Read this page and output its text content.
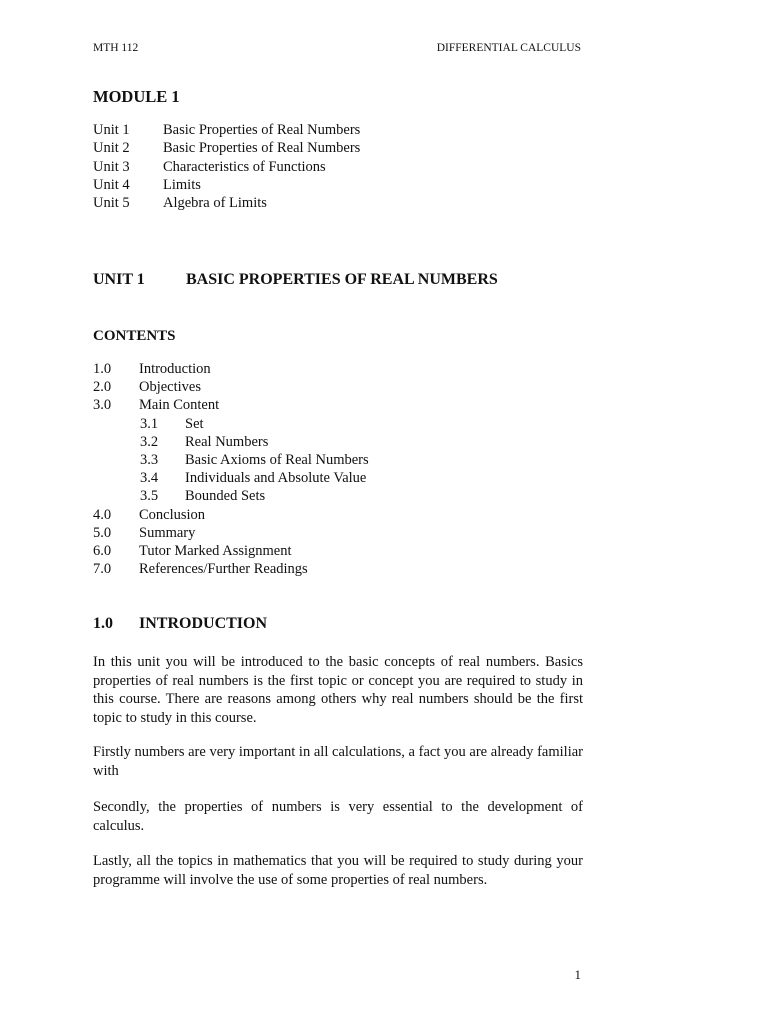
MTH 112	DIFFERENTIAL CALCULUS
MODULE 1
Unit 1	Basic Properties of Real Numbers
Unit 2	Basic Properties of Real Numbers
Unit 3	Characteristics of Functions
Unit 4	Limits
Unit 5	Algebra of Limits
UNIT 1	BASIC PROPERTIES OF REAL NUMBERS
CONTENTS
1.0	Introduction
2.0	Objectives
3.0	Main Content
3.1	Set
3.2	Real Numbers
3.3	Basic Axioms of Real Numbers
3.4	Individuals and Absolute Value
3.5	Bounded Sets
4.0	Conclusion
5.0	Summary
6.0	Tutor Marked Assignment
7.0	References/Further Readings
1.0	INTRODUCTION

In this unit you will be introduced to the basic concepts of real numbers. Basics properties of real numbers is the first topic or concept you are required to study in this course. There are reasons among others why real numbers should be the first topic to study in this course.

Firstly numbers are very important in all calculations, a fact you are already familiar with

Secondly, the properties of numbers is very essential to the development of calculus.

Lastly, all the topics in mathematics that you will be required to study during your programme will involve the use of some properties of real numbers.

1
